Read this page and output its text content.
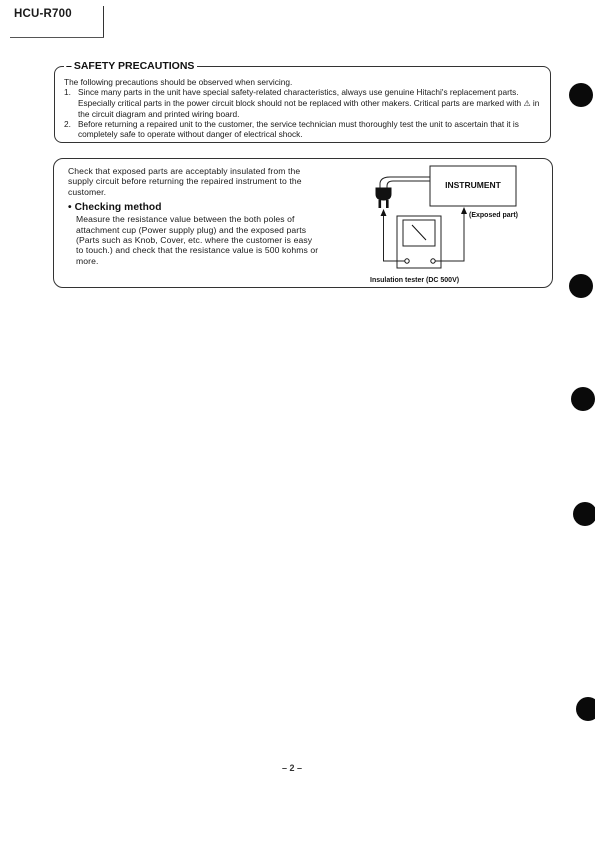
HCU-R700
– SAFETY PRECAUTIONS

The following precautions should be observed when servicing.

1. Since many parts in the unit have special safety-related characteristics, always use genuine Hitachi's replacement parts. Especially critical parts in the power circuit block should not be replaced with other makers. Critical parts are marked with ⚠ in the circuit diagram and printed wiring board.
2. Before returning a repaired unit to the customer, the service technician must thoroughly test the unit to ascertain that it is completely safe to operate without danger of electrical shock.

Check that exposed parts are acceptably insulated from the supply circuit before returning the repaired instrument to the customer.

• Checking method

Measure the resistance value between the both poles of attachment cup (Power supply plug) and the exposed parts (Parts such as Knob, Cover, etc. where the customer is easy to touch.) and check that the resistance value is 500 kohms or more.

INSTRUMENT
(Exposed part)
Insulation tester (DC 500V)
– 2 –
